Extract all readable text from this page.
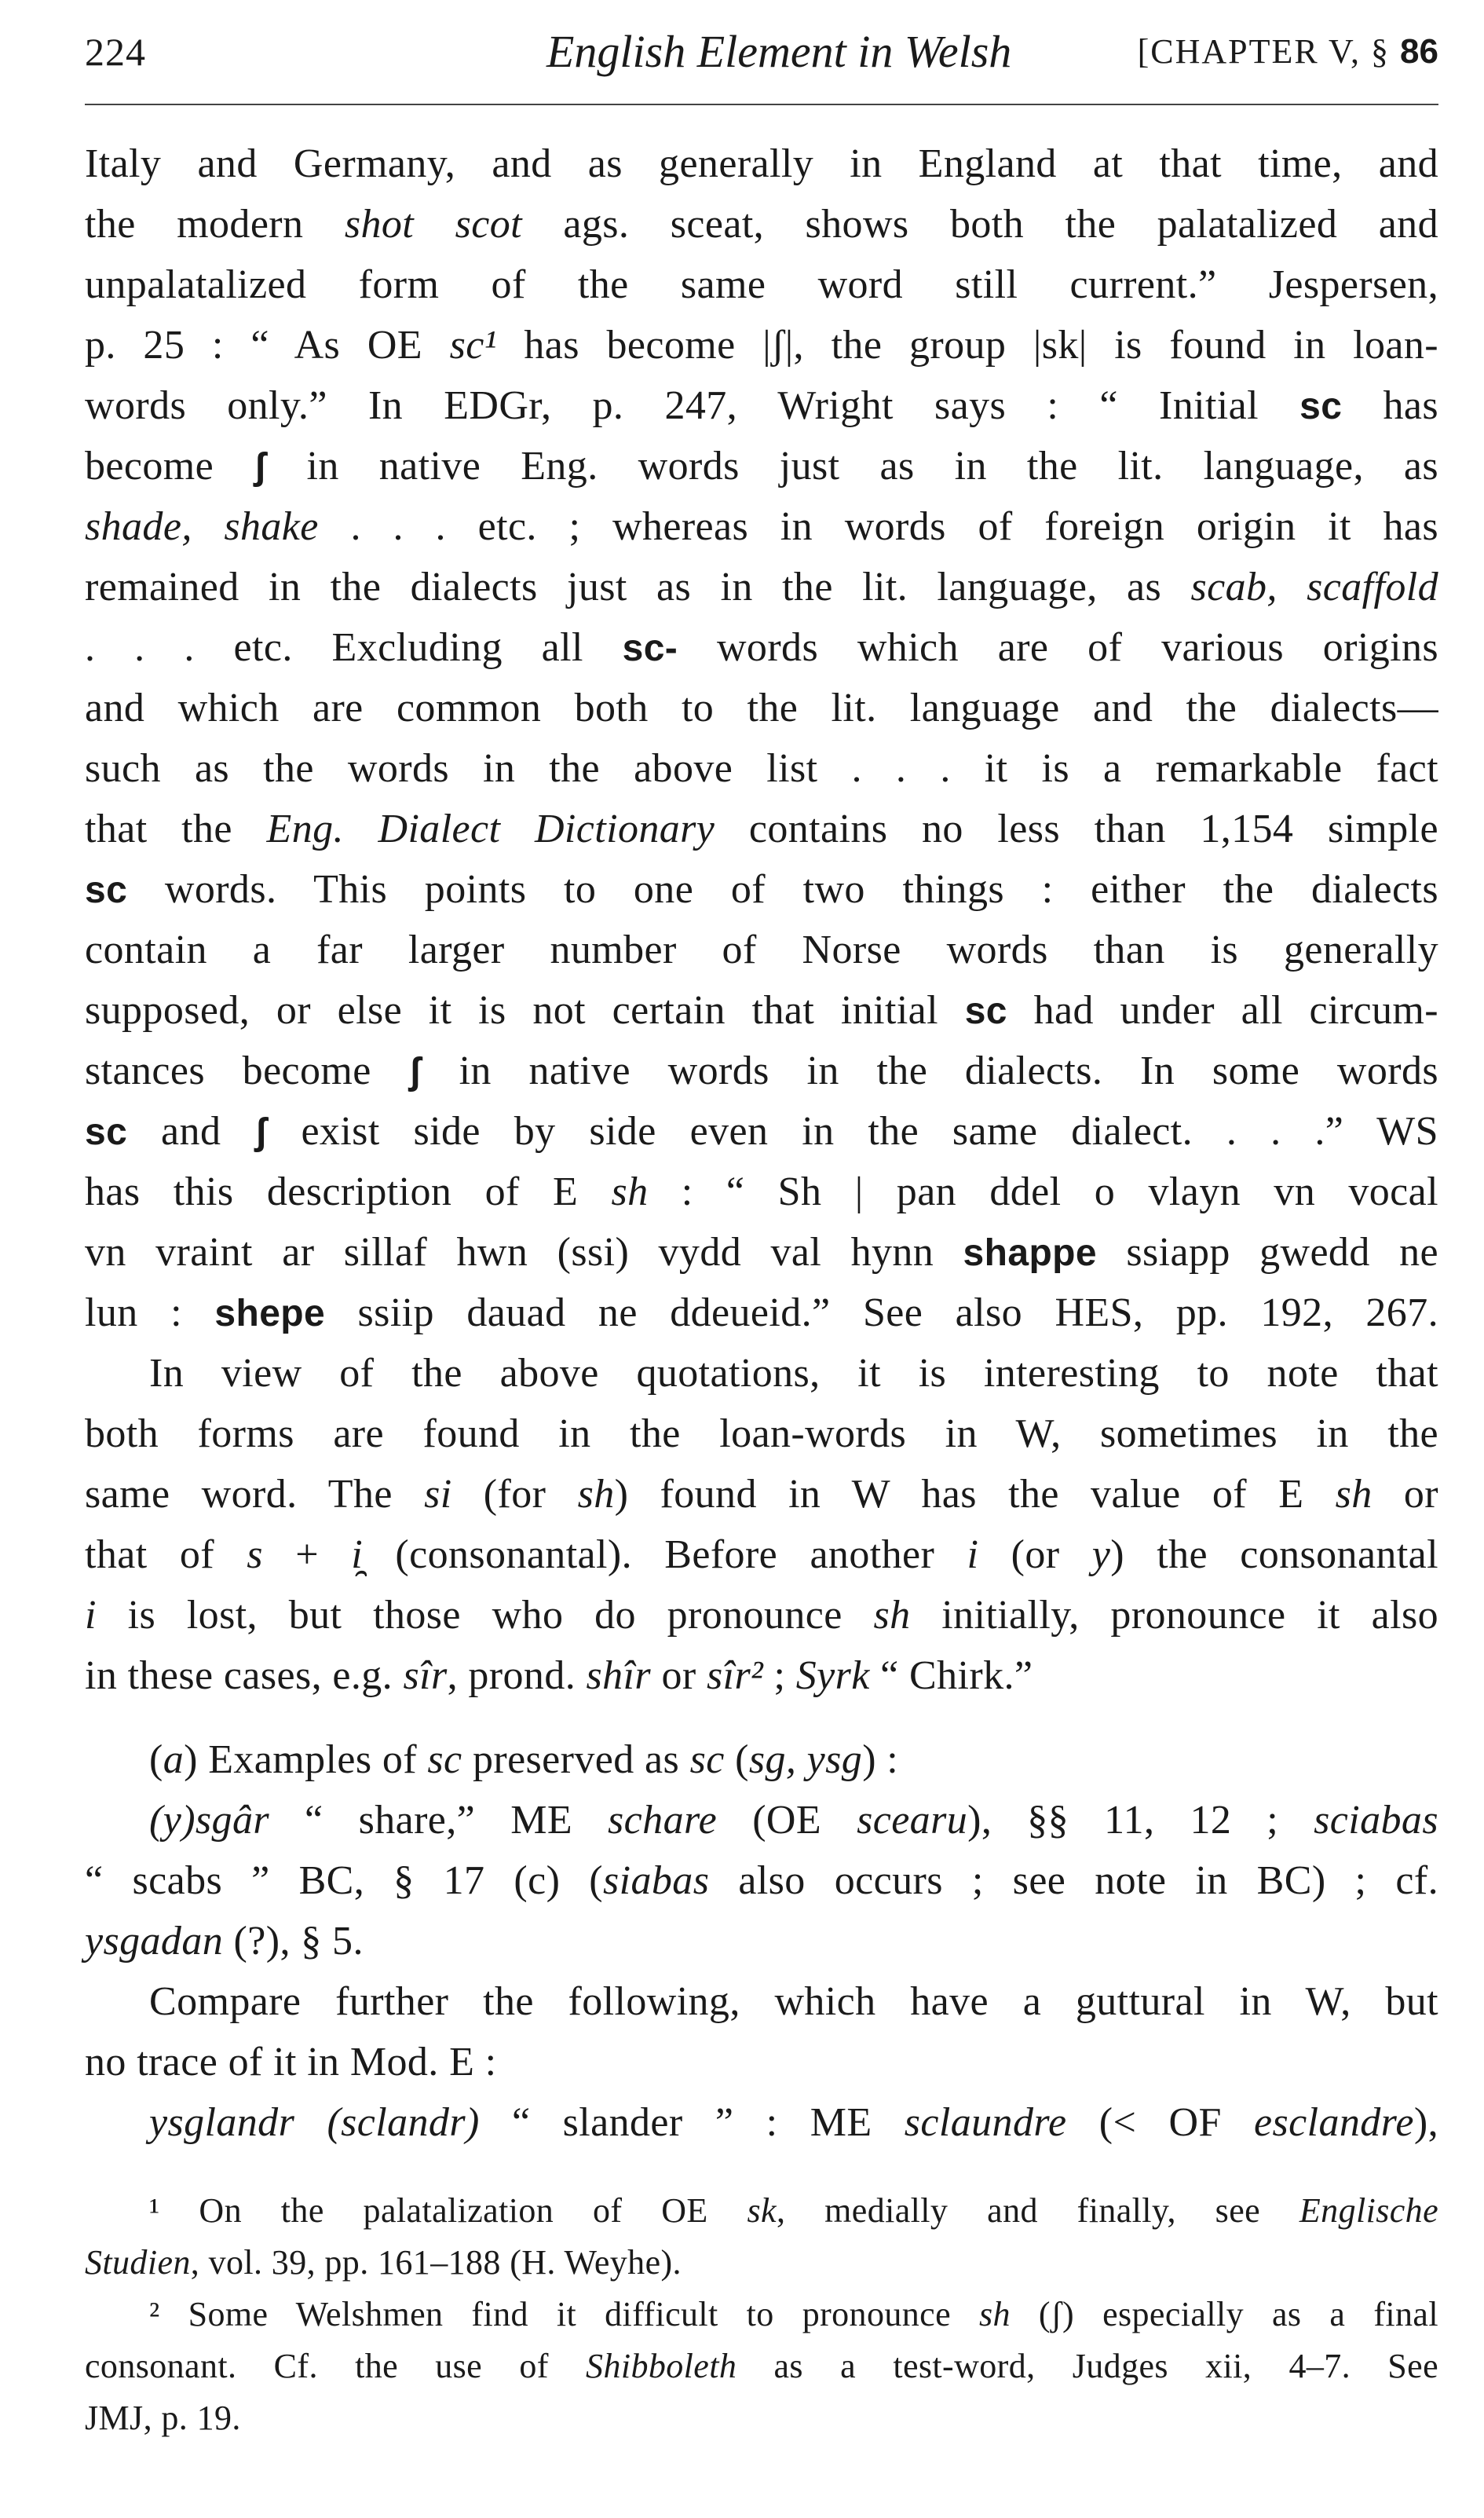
224	English Element in Welsh	[CHAPTER V, § 86
Italy and Germany, and as generally in England at that time, and
the modern shot scot ags. sceat, shows both the palatalized and
unpalatalized form of the same word still current.” Jespersen,
p. 25 : “ As OE sc¹ has become |ʃ|, the group |sk| is found in loan-
words only.” In EDGr, p. 247, Wright says : “ Initial sc has
become ʃ in native Eng. words just as in the lit. language, as
shade, shake . . . etc. ; whereas in words of foreign origin it has
remained in the dialects just as in the lit. language, as scab, scaffold
. . . etc. Excluding all sc- words which are of various origins
and which are common both to the lit. language and the dialects—
such as the words in the above list . . . it is a remarkable fact
that the Eng. Dialect Dictionary contains no less than 1,154 simple
sc words. This points to one of two things : either the dialects
contain a far larger number of Norse words than is generally
supposed, or else it is not certain that initial sc had under all circum-
stances become ʃ in native words in the dialects. In some words
sc and ʃ exist side by side even in the same dialect. . . .” WS
has this description of E sh : “ Sh | pan ddel o vlayn vn vocal
vn vraint ar sillaf hwn (ssi) vydd val hynn shappe ssiapp gwedd ne
lun : shepe ssiip dauad ne ddeueid.” See also HES, pp. 192, 267.
In view of the above quotations, it is interesting to note that
both forms are found in the loan-words in W, sometimes in the
same word. The si (for sh) found in W has the value of E sh or
that of s + i̯ (consonantal). Before another i (or y) the consonantal
i is lost, but those who do pronounce sh initially, pronounce it also
in these cases, e.g. sîr, prond. shîr or sîr² ; Syrk “ Chirk.”
(a) Examples of sc preserved as sc (sg, ysg) :
(y)sgâr “ share,” ME schare (OE scearu), §§ 11, 12 ; sciabas
“ scabs ” BC, § 17 (c) (siabas also occurs ; see note in BC) ; cf.
ysgadan (?), § 5.
Compare further the following, which have a guttural in W, but
no trace of it in Mod. E :
ysglandr (sclandr) “ slander ” : ME sclaundre (< OF esclandre),
¹ On the palatalization of OE sk, medially and finally, see Englische
Studien, vol. 39, pp. 161–188 (H. Weyhe).
² Some Welshmen find it difficult to pronounce sh (ʃ) especially as a final
consonant. Cf. the use of Shibboleth as a test-word, Judges xii, 4–7. See
JMJ, p. 19.
